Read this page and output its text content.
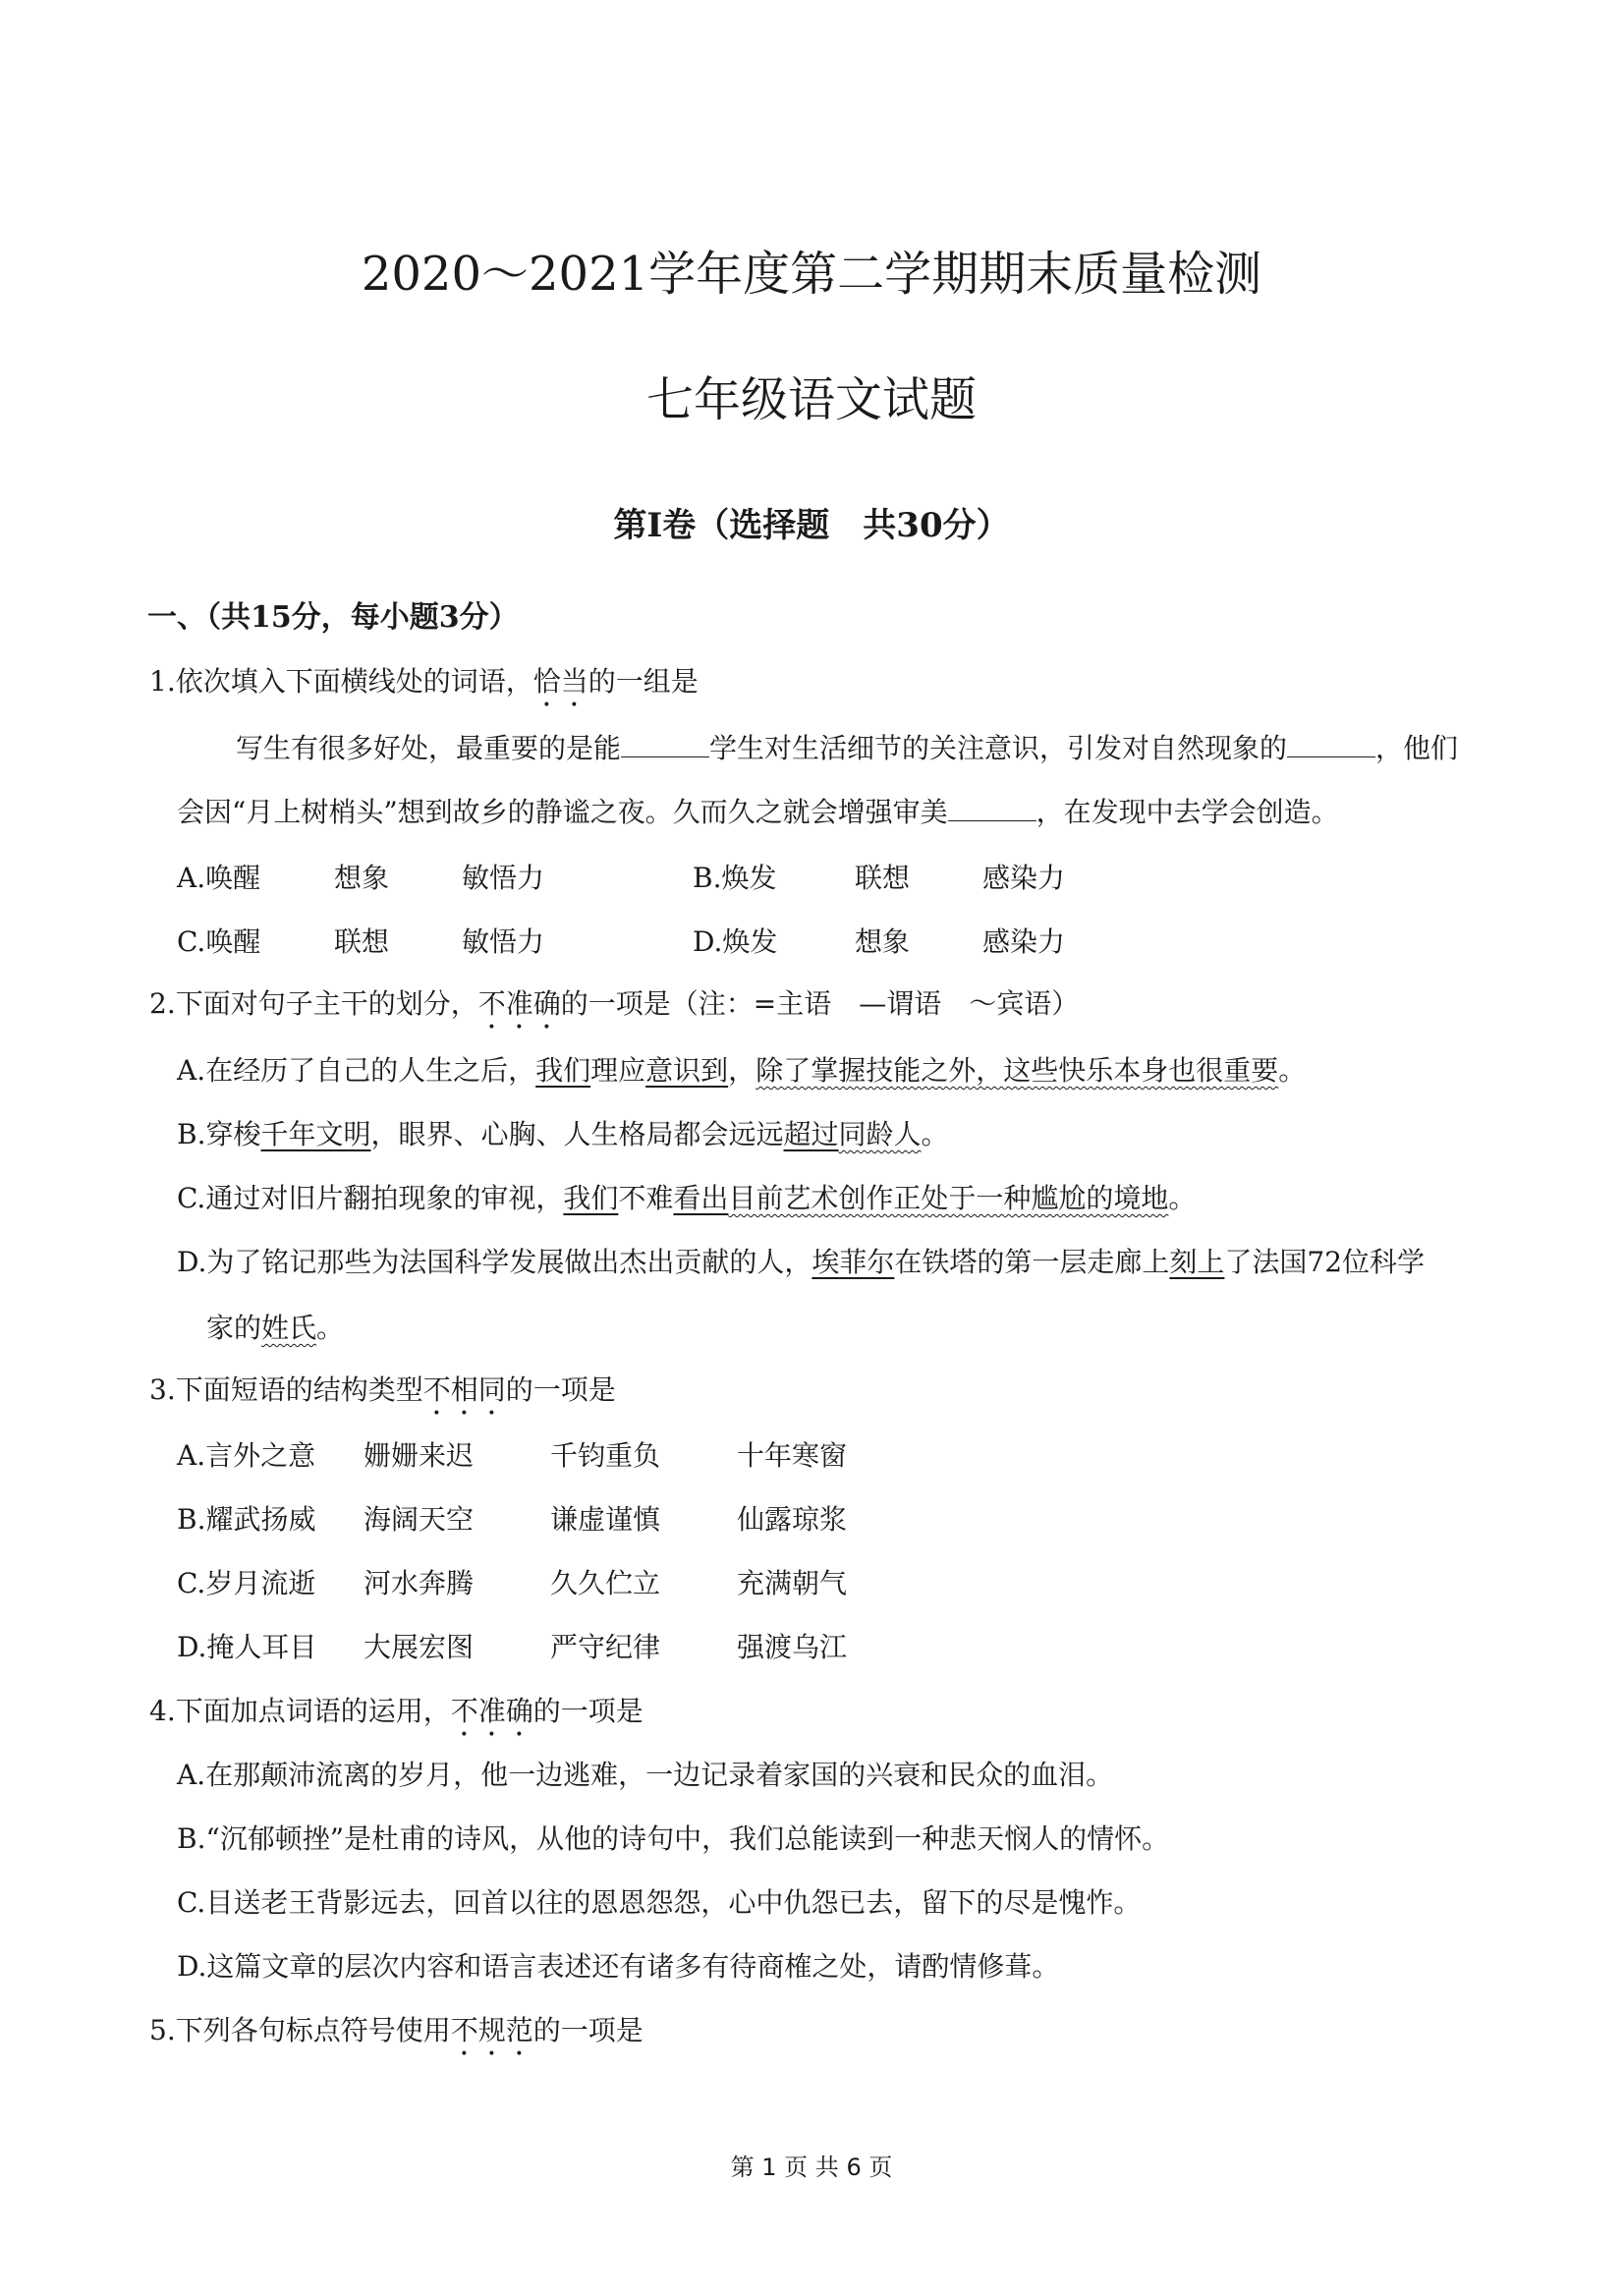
2020～2021学年度第二学期期末质量检测
七年级语文试题
第Ⅰ卷（选择题　共30分）
一、（共15分，每小题3分）
1.依次填入下面横线处的词语，恰当的一组是
写生有很多好处，最重要的是能	学生对生活细节的关注意识，引发对自然现象的	，他们
会因“月上树梢头”想到故乡的静谧之夜。久而久之就会增强审美	，在发现中去学会创造。
A.唤醒	想象	敏悟力	B.焕发	联想	感染力
C.唤醒	联想	敏悟力	D.焕发	想象	感染力
2.下面对句子主干的划分，不准确的一项是（注：=主语　—谓语　～宾语）
A.在经历了自己的人生之后，我们理应意识到，除了掌握技能之外，这些快乐本身也很重要。
B.穿梭千年文明，眼界、心胸、人生格局都会远远超过同龄人。
C.通过对旧片翻拍现象的审视，我们不难看出目前艺术创作正处于一种尴尬的境地。
D.为了铭记那些为法国科学发展做出杰出贡献的人，埃菲尔在铁塔的第一层走廊上刻上了法国72位科学
家的姓氏。
3.下面短语的结构类型不相同的一项是
A.言外之意 姗姗来迟	千钧重负	十年寒窗
B.耀武扬威 海阔天空	谦虚谨慎	仙露琼浆
C.岁月流逝 河水奔腾	久久伫立	充满朝气
D.掩人耳目 大展宏图	严守纪律	强渡乌江
4.下面加点词语的运用，不准确的一项是
A.在那颠沛流离的岁月，他一边逃难，一边记录着家国的兴衰和民众的血泪。
B.“沉郁顿挫”是杜甫的诗风，从他的诗句中，我们总能读到一种悲天悯人的情怀。
C.目送老王背影远去，回首以往的恩恩怨怨，心中仇怨已去，留下的尽是愧怍。
D.这篇文章的层次内容和语言表述还有诸多有待商榷之处，请酌情修葺。
5.下列各句标点符号使用不规范的一项是
第 1 页 共 6 页
